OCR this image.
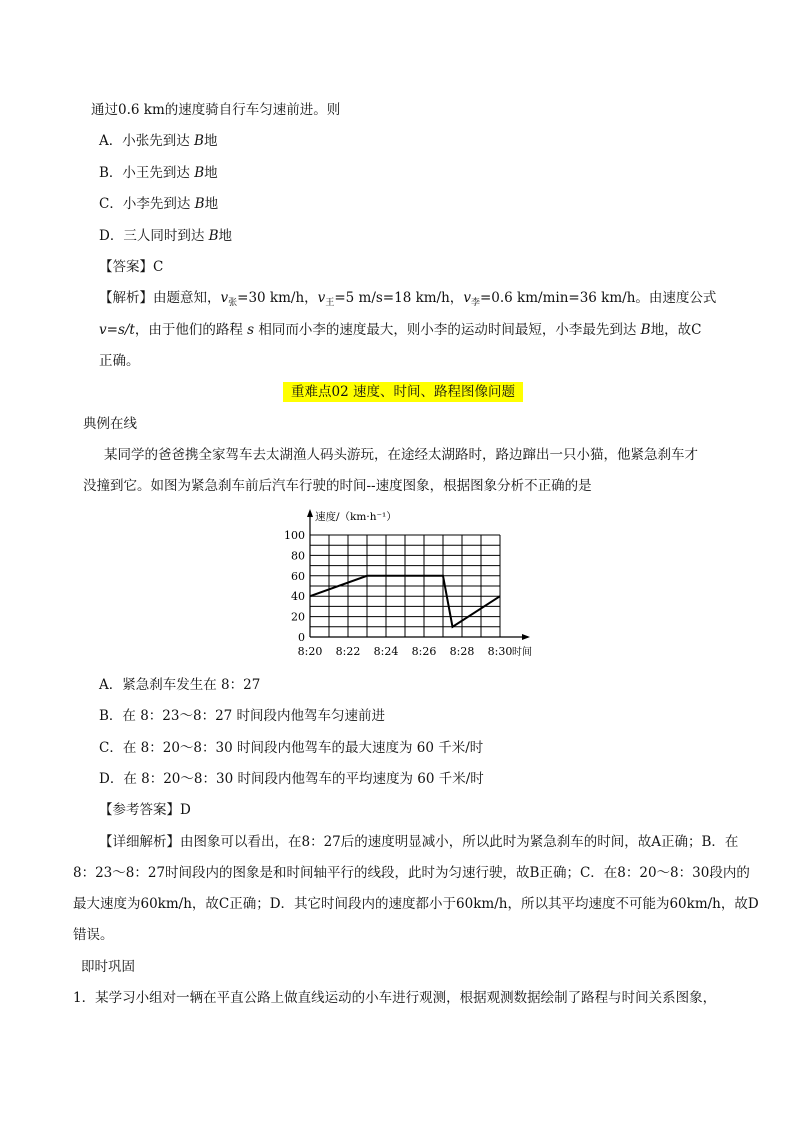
通过0.6 km的速度骑自行车匀速前进。则
A．小张先到达 B地
B．小王先到达 B地
C．小李先到达 B地
D．三人同时到达 B地
【答案】C
【解析】由题意知，$v_张=30$ km/h，$v_王=5$ m/s=18 km/h，$v_李=0.6$ km/min=36 km/h。由速度公式
v=s/t，由于他们的路程 s 相同而小李的速度最大，则小李的运动时间最短，小李最先到达 B地，故C
正确。
重难点02 速度、时间、路程图像问题
典例在线
某同学的爸爸携全家驾车去太湖渔人码头游玩，在途经太湖路时，路边蹿出一只小猫，他紧急刹车才
没撞到它。如图为紧急刹车前后汽车行驶的时间--速度图象，根据图象分析不正确的是
0
20
40
60
80
100
8:20 8:22 8:24 8:26 8:28 8:30
速度/（km·h⁻¹）
时间
A．紧急刹车发生在 8：27
B．在 8：23～8：27 时间段内他驾车匀速前进
C．在 8：20～8：30 时间段内他驾车的最大速度为 60 千米/时
D．在 8：20～8：30 时间段内他驾车的平均速度为 60 千米/时
【参考答案】D
【详细解析】由图象可以看出，在8：27后的速度明显减小，所以此时为紧急刹车的时间，故A正确；B．在
8：23～8：27时间段内的图象是和时间轴平行的线段，此时为匀速行驶，故B正确；C．在8：20～8：30段内的
最大速度为60km/h，故C正确；D．其它时间段内的速度都小于60km/h，所以其平均速度不可能为60km/h，故D
错误。
即时巩固
1．某学习小组对一辆在平直公路上做直线运动的小车进行观测，根据观测数据绘制了路程与时间关系图象，
